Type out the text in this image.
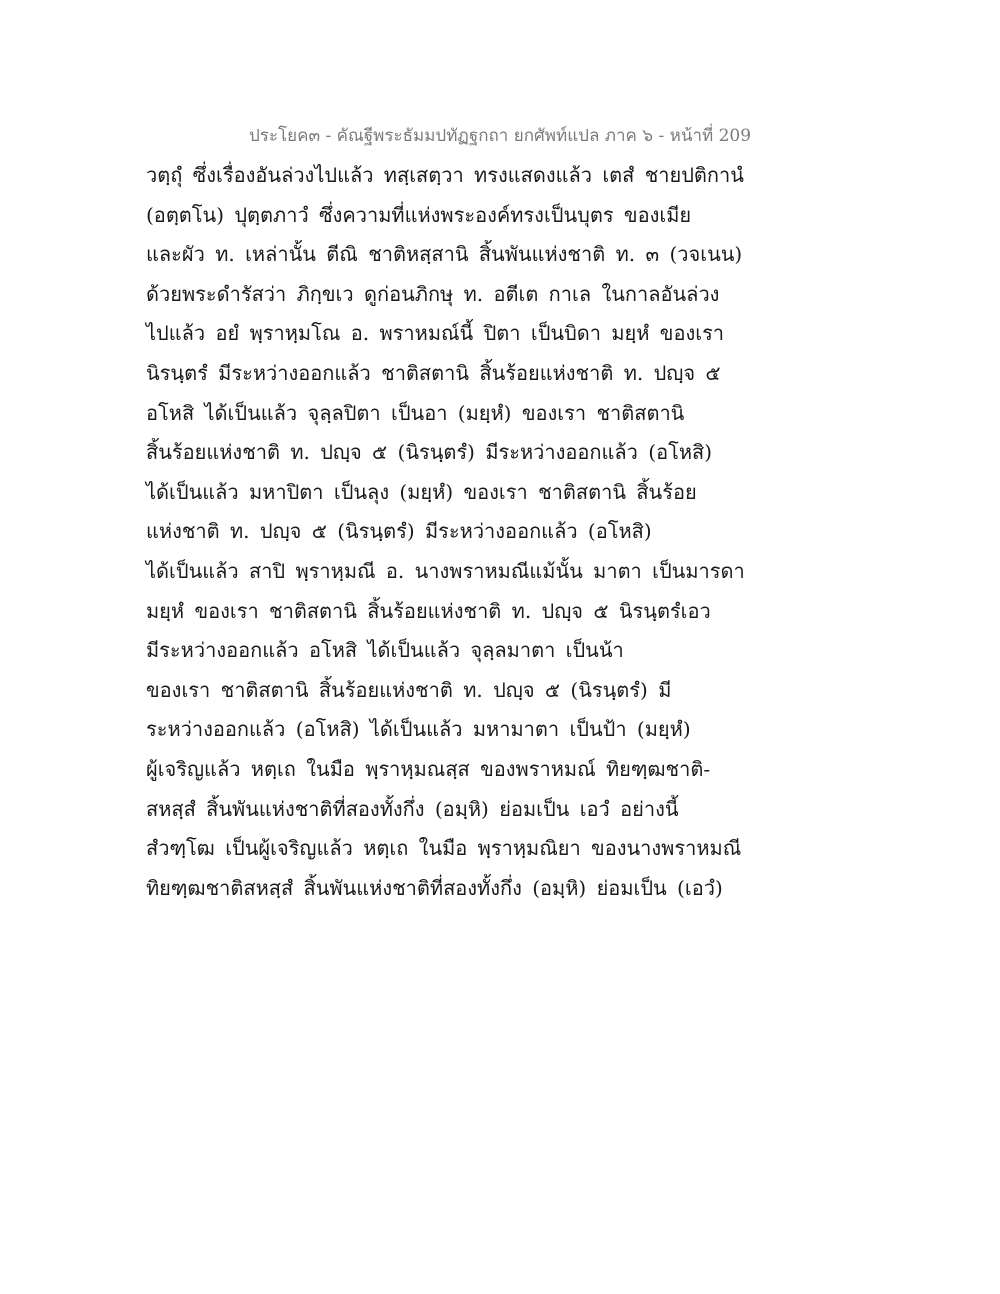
ประโยค๓ - คัณฐีพระธัมมปทัฏฐกถา ยกศัพท์แปล ภาค ๖ - หน้าที่ 209
วตฺถุํ ซึ่งเรื่องอันล่วงไปแล้ว ทสฺเสตฺวา ทรงแสดงแล้ว เตสํ ชายปติกานํ
(อตฺตโน) ปุตฺตภาวํ ซึ่งความที่แห่งพระองค์ทรงเป็นบุตร ของเมีย
และผัว ท. เหล่านั้น ตีณิ ชาติหสฺสานิ สิ้นพันแห่งชาติ ท. ๓ (วจเนน)
ด้วยพระดำรัสว่า ภิกฺขเว ดูก่อนภิกษุ ท. อตีเต กาเล ในกาลอันล่วง
ไปแล้ว อยํ พฺราหฺมโณ อ. พราหมณ์นี้ ปิตา เป็นบิดา มยฺหํ ของเรา
นิรนฺตรํ มีระหว่างออกแล้ว ชาติสตานิ สิ้นร้อยแห่งชาติ ท. ปญฺจ ๕
อโหสิ ได้เป็นแล้ว จุลฺลปิตา เป็นอา (มยฺหํ) ของเรา ชาติสตานิ
สิ้นร้อยแห่งชาติ ท. ปญฺจ ๕ (นิรนฺตรํ) มีระหว่างออกแล้ว (อโหสิ)
ได้เป็นแล้ว มหาปิตา เป็นลุง (มยฺหํ) ของเรา ชาติสตานิ สิ้นร้อย
แห่งชาติ ท. ปญฺจ ๕ (นิรนฺตรํ) มีระหว่างออกแล้ว (อโหสิ)
ได้เป็นแล้ว สาปิ พฺราหฺมณี อ. นางพราหมณีแม้นั้น มาตา เป็นมารดา
มยฺหํ ของเรา ชาติสตานิ สิ้นร้อยแห่งชาติ ท. ปญฺจ ๕ นิรนฺตรํเอว
มีระหว่างออกแล้ว อโหสิ ได้เป็นแล้ว จุลฺลมาตา เป็นน้า
ของเรา ชาติสตานิ สิ้นร้อยแห่งชาติ ท. ปญฺจ ๕ (นิรนฺตรํ) มี
ระหว่างออกแล้ว (อโหสิ) ได้เป็นแล้ว มหามาตา เป็นป้า (มยฺหํ)
ผู้เจริญแล้ว หตฺเถ ในมือ พฺราหฺมณสฺส ของพราหมณ์ ทิยฑฺฒชาติ-
สหสฺสํ สิ้นพันแห่งชาติที่สองทั้งกึ่ง (อมฺหิ) ย่อมเป็น เอวํ อย่างนี้
สํวฑฺโฒ เป็นผู้เจริญแล้ว หตฺเถ ในมือ พฺราหฺมณิยา ของนางพราหมณี
ทิยฑฺฒชาติสหสฺสํ สิ้นพันแห่งชาติที่สองทั้งกึ่ง (อมฺหิ) ย่อมเป็น (เอวํ)
